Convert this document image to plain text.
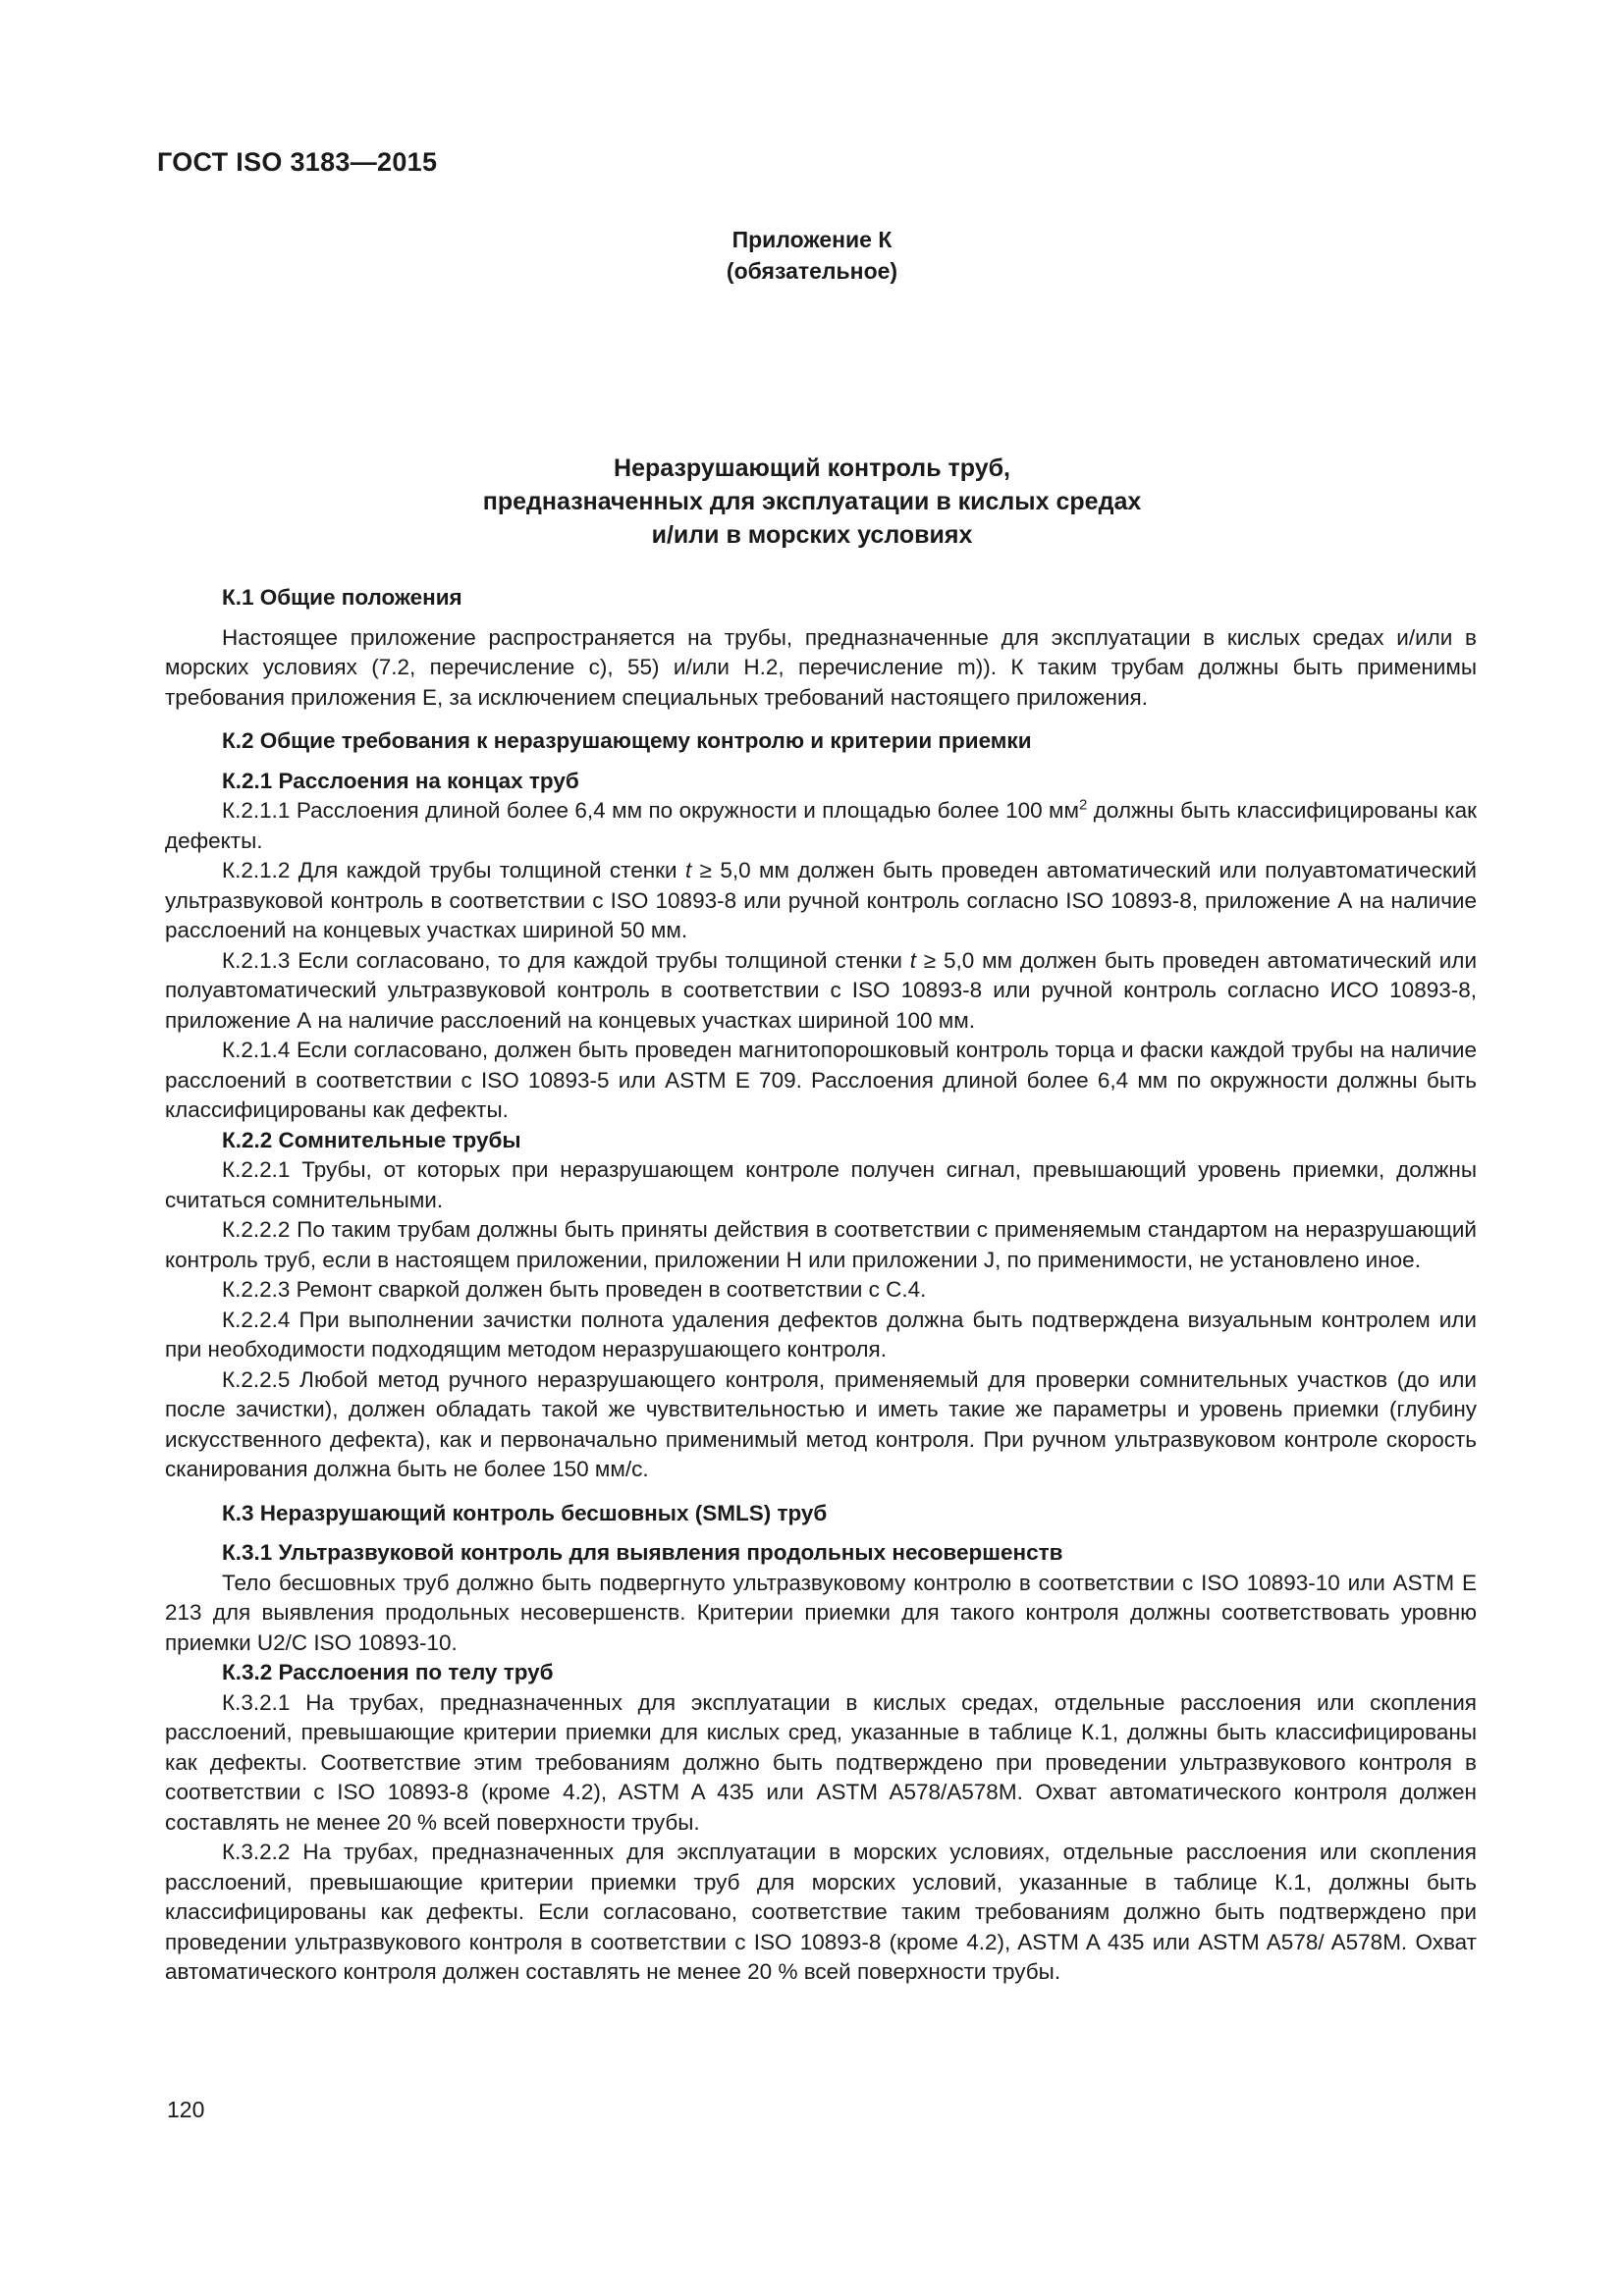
ГОСТ ISO 3183—2015
Приложение К
(обязательное)
Неразрушающий контроль труб,
предназначенных для эксплуатации в кислых средах
и/или в морских условиях
К.1 Общие положения

Настоящее приложение распространяется на трубы, предназначенные для эксплуатации в кислых средах и/или в морских условиях (7.2, перечисление с), 55) и/или Н.2, перечисление m)). К таким трубам должны быть применимы требования приложения Е, за исключением специальных требований настоящего приложения.

К.2 Общие требования к неразрушающему контролю и критерии приемки
К.2.1 Расслоения на концах труб

К.2.1.1 Расслоения длиной более 6,4 мм по окружности и площадью более 100 $мм^2$ должны быть классифицированы как дефекты.

К.2.1.2 Для каждой трубы толщиной стенки t ≥ 5,0 мм должен быть проведен автоматический или полуавтоматический ультразвуковой контроль в соответствии с ISO 10893-8 или ручной контроль согласно ISO 10893-8, приложение А на наличие расслоений на концевых участках шириной 50 мм.

К.2.1.3 Если согласовано, то для каждой трубы толщиной стенки t ≥ 5,0 мм должен быть проведен автоматический или полуавтоматический ультразвуковой контроль в соответствии с ISO 10893-8 или ручной контроль согласно ИСО 10893-8, приложение А на наличие расслоений на концевых участках шириной 100 мм.

К.2.1.4 Если согласовано, должен быть проведен магнитопорошковый контроль торца и фаски каждой трубы на наличие расслоений в соответствии с ISO 10893-5 или ASTM E 709. Расслоения длиной более 6,4 мм по окружности должны быть классифицированы как дефекты.

К.2.2 Сомнительные трубы

К.2.2.1 Трубы, от которых при неразрушающем контроле получен сигнал, превышающий уровень приемки, должны считаться сомнительными.

К.2.2.2 По таким трубам должны быть приняты действия в соответствии с применяемым стандартом на неразрушающий контроль труб, если в настоящем приложении, приложении Н или приложении J, по применимости, не установлено иное.

К.2.2.3 Ремонт сваркой должен быть проведен в соответствии с С.4.

К.2.2.4 При выполнении зачистки полнота удаления дефектов должна быть подтверждена визуальным контролем или при необходимости подходящим методом неразрушающего контроля.

К.2.2.5 Любой метод ручного неразрушающего контроля, применяемый для проверки сомнительных участков (до или после зачистки), должен обладать такой же чувствительностью и иметь такие же параметры и уровень приемки (глубину искусственного дефекта), как и первоначально применимый метод контроля. При ручном ультразвуковом контроле скорость сканирования должна быть не более 150 мм/с.

К.3 Неразрушающий контроль бесшовных (SMLS) труб
К.3.1 Ультразвуковой контроль для выявления продольных несовершенств

Тело бесшовных труб должно быть подвергнуто ультразвуковому контролю в соответствии с ISO 10893-10 или ASTM E 213 для выявления продольных несовершенств. Критерии приемки для такого контроля должны соответствовать уровню приемки U2/C ISO 10893-10.

К.3.2 Расслоения по телу труб

К.3.2.1 На трубах, предназначенных для эксплуатации в кислых средах, отдельные расслоения или скопления расслоений, превышающие критерии приемки для кислых сред, указанные в таблице К.1, должны быть классифицированы как дефекты. Соответствие этим требованиям должно быть подтверждено при проведении ультразвукового контроля в соответствии с ISO 10893-8 (кроме 4.2), ASTM A 435 или ASTM A578/A578M. Охват автоматического контроля должен составлять не менее 20 % всей поверхности трубы.

К.3.2.2 На трубах, предназначенных для эксплуатации в морских условиях, отдельные расслоения или скопления расслоений, превышающие критерии приемки труб для морских условий, указанные в таблице К.1, должны быть классифицированы как дефекты. Если согласовано, соответствие таким требованиям должно быть подтверждено при проведении ультразвукового контроля в соответствии с ISO 10893-8 (кроме 4.2), ASTM A 435 или ASTM A578/ A578M. Охват автоматического контроля должен составлять не менее 20 % всей поверхности трубы.

120
